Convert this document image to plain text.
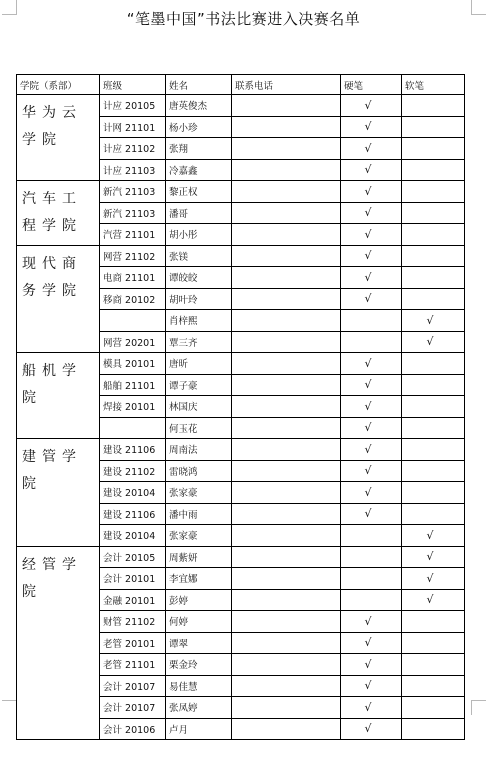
“笔墨中国”书法比赛进入决赛名单
学院（系部）	班级	姓名	联系电话	硬笔	软笔
华为云学院	计应 20105	唐英俊杰		√	
	计网 21101	杨小珍		√	
	计应 21102	张翔		√	
	计应 21103	冷嘉鑫		√	
汽车工程学院	新汽 21103	黎正权		√	
	新汽 21103	潘哥		√	
	汽营 21101	胡小彤		√	
现代商务学院	网营 21102	张镁		√	
	电商 21101	谭皎皎		√	
	移商 20102	胡叶玲		√	
		肖梓熙			√
	网营 20201	覃三齐			√
船机学院	模具 20101	唐昕		√	
	船舶 21101	谭子豪		√	
	焊接 20101	林国庆		√	
		何玉花		√	
建管学院	建设 21106	周南法		√	
	建设 21102	雷晓鸿		√	
	建设 20104	张家豪		√	
	建设 21106	潘中雨		√	
	建设 20104	张家豪			√
经管学院	会计 20105	周紫妍			√
	会计 20101	李宜娜			√
	金融 20101	彭婷			√
	财管 21102	何婷		√	
	老管 20101	谭翠		√	
	老管 21101	栗金玲		√	
	会计 20107	易佳慧		√	
	会计 20107	张凤婷		√	
	会计 20106	卢月		√	
